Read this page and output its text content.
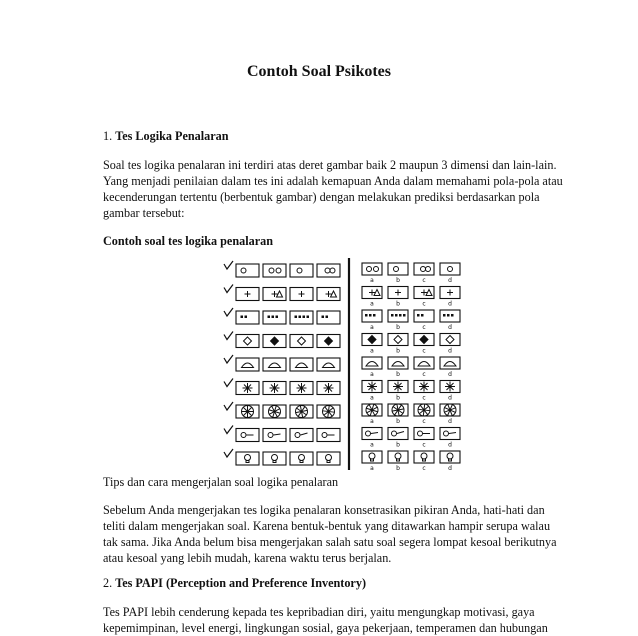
Contoh Soal Psikotes
1. Tes Logika Penalaran
Soal tes logika penalaran ini terdiri atas deret gambar baik 2 maupun 3 dimensi dan lain-lain.
Yang menjadi penilaian dalam tes ini adalah kemapuan Anda dalam memahami pola-pola atau
kecenderungan tertentu (berbentuk gambar) dengan melakukan prediksi berdasarkan pola
gambar tersebut:
Contoh soal tes logika penalaran
a	b	c	d
a	b	c	d
a	b	c	d
a	b	c	d
a	b	c	d
a	b	c	d
a	b	c	d
a	b	c	d
a	b	c	d
Tips dan cara mengerjalan soal logika penalaran
Sebelum Anda mengerjakan tes logika penalaran konsetrasikan pikiran Anda, hati-hati dan
teliti dalam mengerjakan soal. Karena bentuk-bentuk yang ditawarkan hampir serupa walau
tak sama. Jika Anda belum bisa mengerjakan salah satu soal segera lompat kesoal berikutnya
atau kesoal yang lebih mudah, karena waktu terus berjalan.
2. Tes PAPI (Perception and Preference Inventory)
Tes PAPI lebih cenderung kepada tes kepribadian diri, yaitu mengungkap motivasi, gaya
kepemimpinan, level energi, lingkungan sosial, gaya pekerjaan, temperamen dan hubungan
